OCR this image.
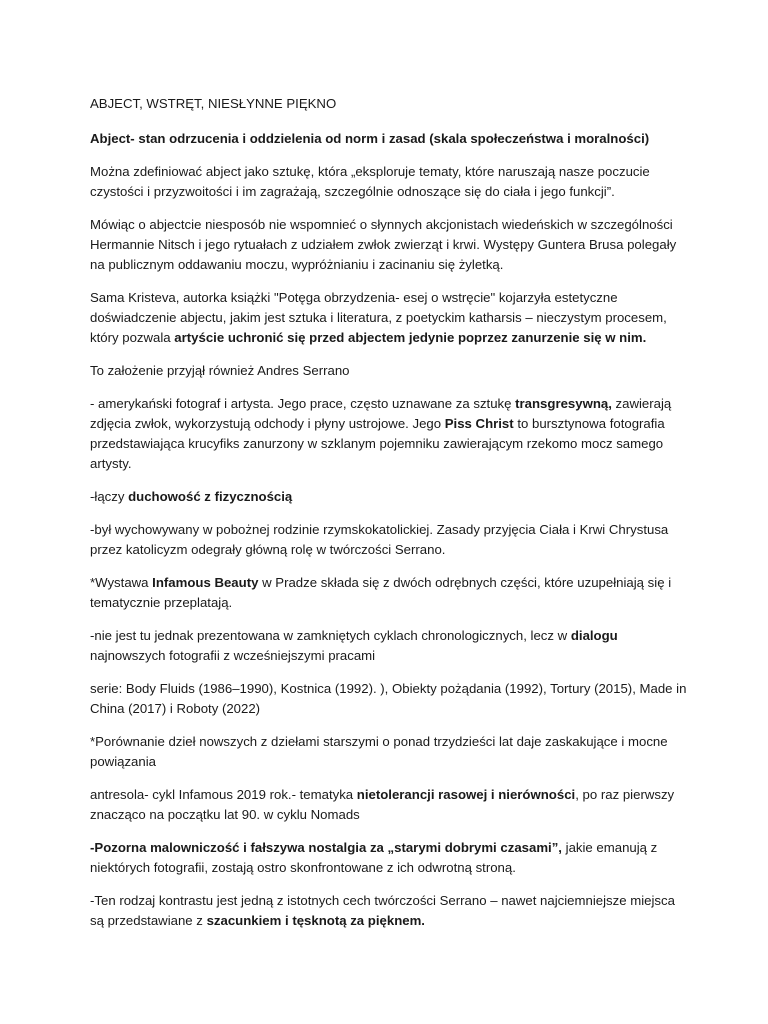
ABJECT, WSTRĘT, NIESŁYNNE PIĘKNO

Abject- stan odrzucenia i oddzielenia od norm i zasad (skala społeczeństwa i moralności)

Można zdefiniować abject jako sztukę, która „eksploruje tematy, które naruszają nasze poczucie czystości i przyzwoitości i im zagrażają, szczególnie odnoszące się do ciała i jego funkcji”.

Mówiąc o abjectcie niesposób nie wspomnieć o słynnych akcjonistach wiedeńskich w szczególności Hermannie Nitsch i jego rytuałach z udziałem zwłok zwierząt i krwi. Występy Guntera Brusa polegały na publicznym oddawaniu moczu, wypróżnianiu i zacinaniu się żyletką.

Sama Kristeva, autorka książki "Potęga obrzydzenia- esej o wstręcie" kojarzyła estetyczne doświadczenie abjectu, jakim jest sztuka i literatura, z poetyckim katharsis – nieczystym procesem, który pozwala artyście uchronić się przed abjectem jedynie poprzez zanurzenie się w nim.

To założenie przyjął również Andres Serrano

- amerykański fotograf i artysta. Jego prace, często uznawane za sztukę transgresywną, zawierają zdjęcia zwłok, wykorzystują odchody i płyny ustrojowe. Jego Piss Christ to bursztynowa fotografia przedstawiająca krucyfiks zanurzony w szklanym pojemniku zawierającym rzekomo mocz samego artysty.

-łączy duchowość z fizycznością

-był wychowywany w pobożnej rodzinie rzymskokatolickiej. Zasady przyjęcia Ciała i Krwi Chrystusa przez katolicyzm odegrały główną rolę w twórczości Serrano.

*Wystawa Infamous Beauty w Pradze składa się z dwóch odrębnych części, które uzupełniają się i tematycznie przeplatają.

-nie jest tu jednak prezentowana w zamkniętych cyklach chronologicznych, lecz w dialogu najnowszych fotografii z wcześniejszymi pracami

serie: Body Fluids (1986–1990), Kostnica (1992). ), Obiekty pożądania (1992), Tortury (2015), Made in China (2017) i Roboty (2022)

*Porównanie dzieł nowszych z dziełami starszymi o ponad trzydzieści lat daje zaskakujące i mocne powiązania

antresola- cykl Infamous 2019 rok.- tematyka nietolerancji rasowej i nierówności, po raz pierwszy znacząco na początku lat 90. w cyklu Nomads

-Pozorna malowniczość i fałszywa nostalgia za „starymi dobrymi czasami”, jakie emanują z niektórych fotografii, zostają ostro skonfrontowane z ich odwrotną stroną.

-Ten rodzaj kontrastu jest jedną z istotnych cech twórczości Serrano – nawet najciemniejsze miejsca są przedstawiane z szacunkiem i tęsknotą za pięknem.
